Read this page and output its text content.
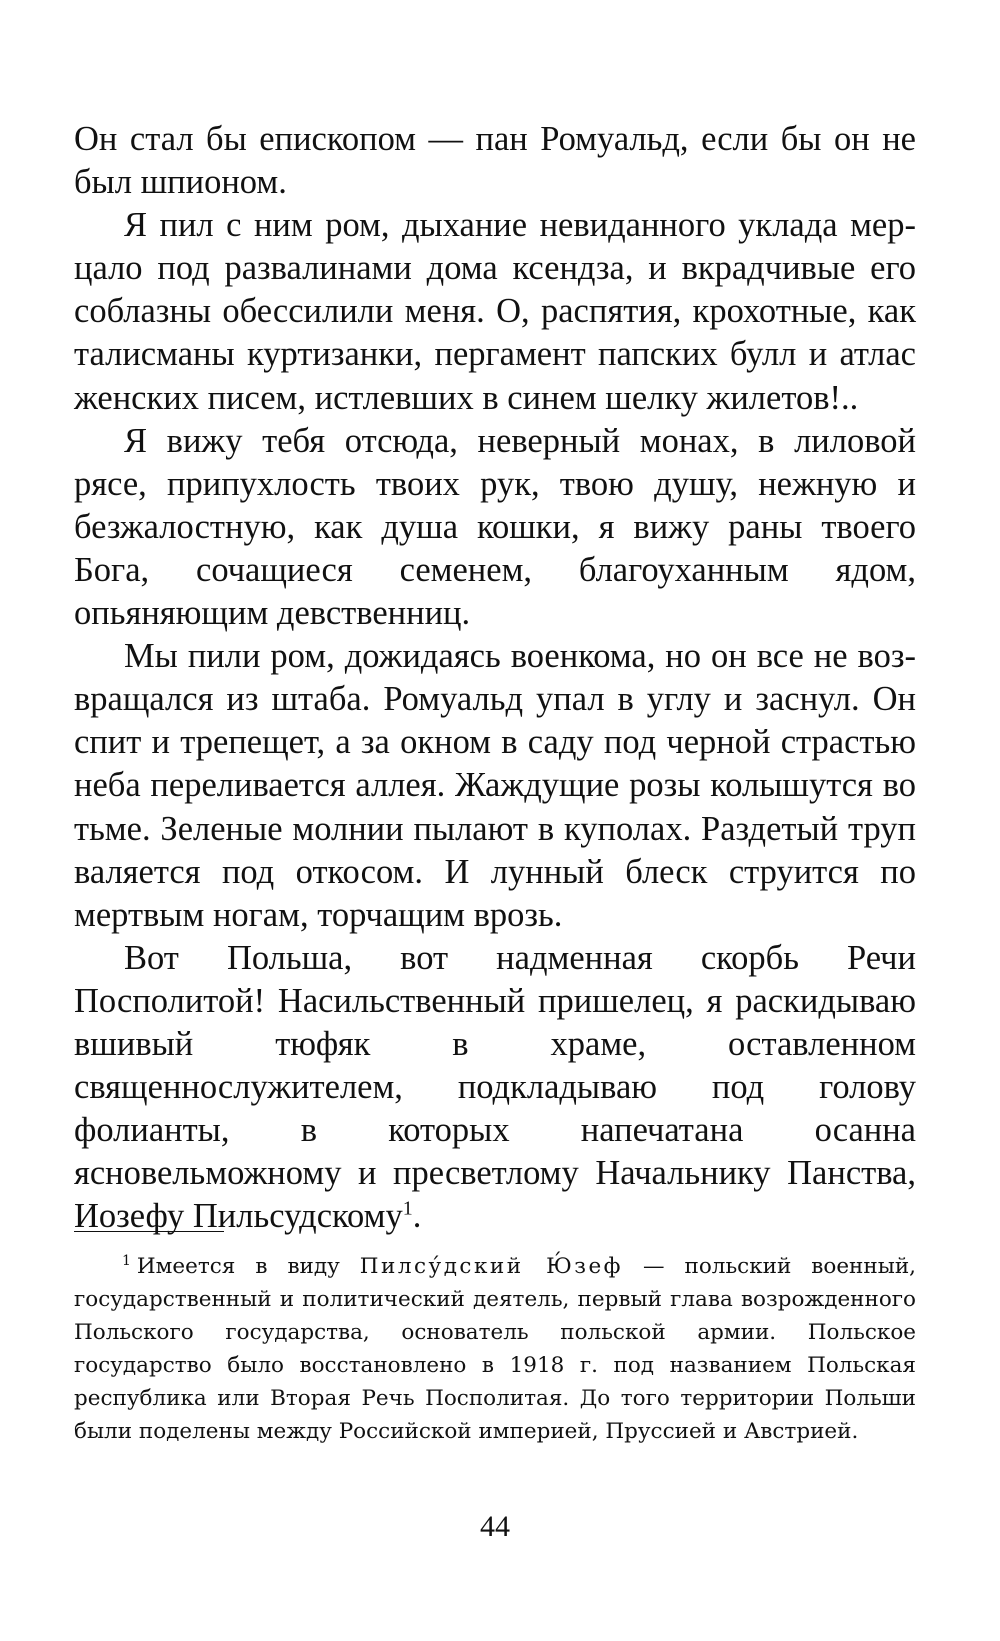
Он стал бы епископом — пан Ромуальд, если бы он не был шпионом.

Я пил с ним ром, дыхание невиданного уклада мерцало под развалинами дома ксендза, и вкрадчивые его соблазны обессилили меня. О, распятия, крохотные, как талисманы куртизанки, пергамент папских булл и атлас женских писем, истлевших в синем шелку жилетов!..

Я вижу тебя отсюда, неверный монах, в лиловой рясе, припухлость твоих рук, твою душу, нежную и безжалостную, как душа кошки, я вижу раны твоего Бога, сочащиеся семенем, благоуханным ядом, опьяняющим девственниц.

Мы пили ром, дожидаясь военкома, но он все не возвращался из штаба. Ромуальд упал в углу и заснул. Он спит и трепещет, а за окном в саду под черной страстью неба переливается аллея. Жаждущие розы колышутся во тьме. Зеленые молнии пылают в куполах. Раздетый труп валяется под откосом. И лунный блеск струится по мертвым ногам, торчащим врозь.

Вот Польша, вот надменная скорбь Речи Посполитой! Насильственный пришелец, я раскидываю вшивый тюфяк в храме, оставленном священнослужителем, подкладываю под голову фолианты, в которых напечатана осанна ясновельможному и пресветлому Начальнику Панства, Иозефу Пильсудскому$^1$.

$^1$ Имеется в виду Пилсу́дский Ю́зеф — польский военный, государственный и политический деятель, первый глава возрожденного Польского государства, основатель польской армии. Польское государство было восстановлено в 1918 г. под названием Польская республика или Вторая Речь Посполитая. До того территории Польши были поделены между Российской империей, Пруссией и Австрией.

44
